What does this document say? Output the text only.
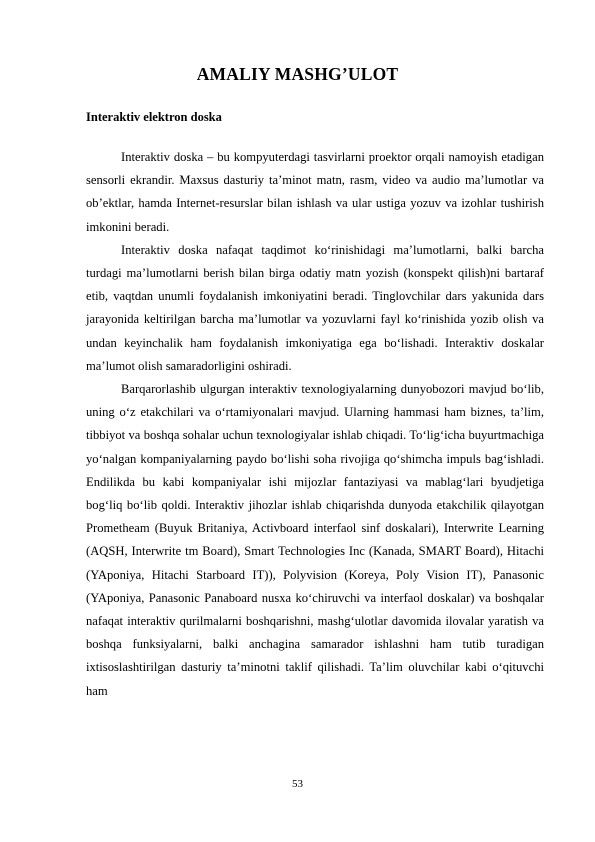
AMALIY MASHG’ULOT
Interaktiv elektron doska

Interaktiv doska – bu kompyuterdagi tasvirlarni proektor orqali namoyish etadigan sensorli ekrandir. Maxsus dasturiy ta’minot matn, rasm, video va audio ma’lumotlar va ob’ektlar, hamda Internet-resurslar bilan ishlash va ular ustiga yozuv va izohlar tushirish imkonini beradi.

Interaktiv doska nafaqat taqdimot ko‘rinishidagi ma’lumotlarni, balki barcha turdagi ma’lumotlarni berish bilan birga odatiy matn yozish (konspekt qilish)ni bartaraf etib, vaqtdan unumli foydalanish imkoniyatini beradi. Tinglovchilar dars yakunida dars jarayonida keltirilgan barcha ma’lumotlar va yozuvlarni fayl ko‘rinishida yozib olish va undan keyinchalik ham foydalanish imkoniyatiga ega bo‘lishadi. Interaktiv doskalar ma’lumot olish samaradorligini oshiradi.

Barqarorlashib ulgurgan interaktiv texnologiyalarning dunyobozori mavjud bo‘lib, uning o‘z etakchilari va o‘rtamiyonalari mavjud. Ularning hammasi ham biznes, ta’lim, tibbiyot va boshqa sohalar uchun texnologiyalar ishlab chiqadi. To‘lig‘icha buyurtmachiga yo‘nalgan kompaniyalarning paydo bo‘lishi soha rivojiga qo‘shimcha impuls bag‘ishladi. Endilikda bu kabi kompaniyalar ishi mijozlar fantaziyasi va mablag‘lari byudjetiga bog‘liq bo‘lib qoldi. Interaktiv jihozlar ishlab chiqarishda dunyoda etakchilik qilayotgan Prometheam (Buyuk Britaniya, Activboard interfaol sinf doskalari), Interwrite Learning (AQSH, Interwrite tm Board), Smart Technologies Inc (Kanada, SMART Board), Hitachi (YAponiya, Hitachi Starboard IT)), Polyvision (Koreya, Poly Vision IT), Panasonic (YAponiya, Panasonic Panaboard nusxa ko‘chiruvchi va interfaol doskalar) va boshqalar nafaqat interaktiv qurilmalarni boshqarishni, mashg‘ulotlar davomida ilovalar yaratish va boshqa funksiyalarni, balki anchagina samarador ishlashni ham tutib turadigan ixtisoslashtirilgan dasturiy ta’minotni taklif qilishadi. Ta’lim oluvchilar kabi o‘qituvchi ham

53
